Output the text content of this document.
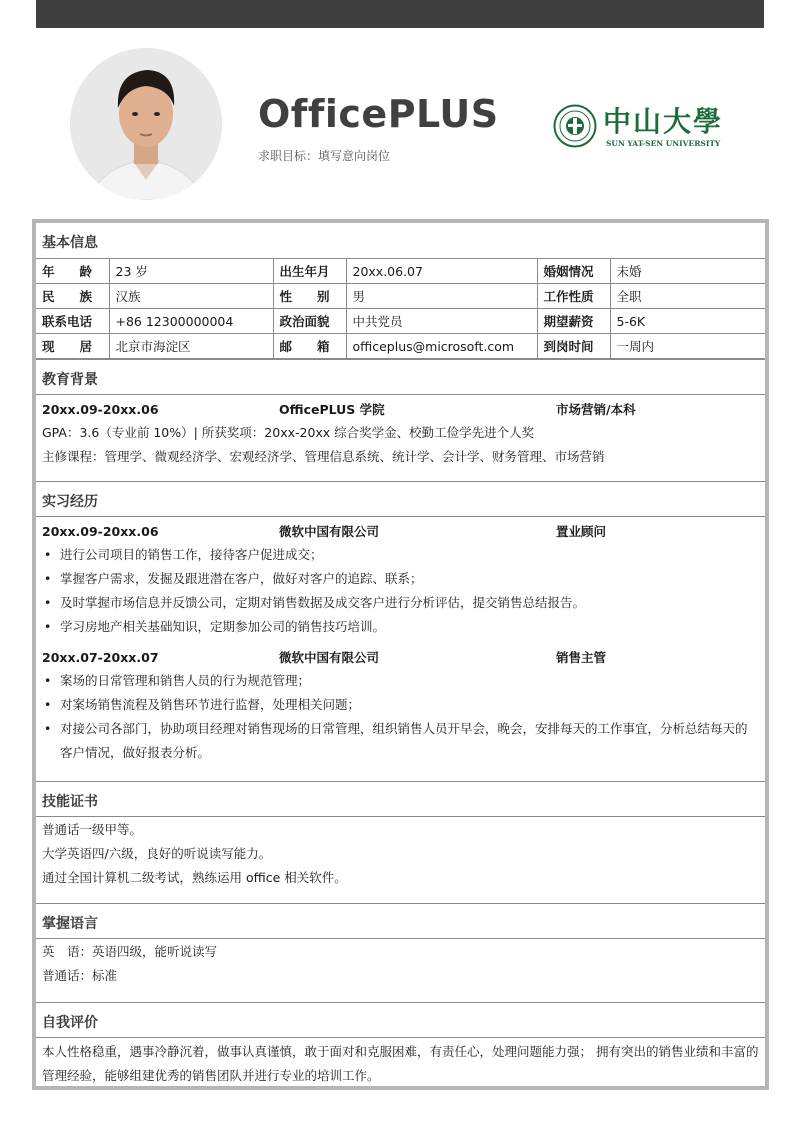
OfficePLUS
求职目标：填写意向岗位
中山大學
SUN YAT-SEN UNIVERSITY
基本信息
年　　龄	23 岁	出生年月	20xx.06.07	婚姻情况	未婚
民　　族	汉族	性　　别	男	工作性质	全职
联系电话	+86 12300000004	政治面貌	中共党员	期望薪资	5-6K
现　　居	北京市海淀区	邮　　箱	officeplus@microsoft.com	到岗时间	一周内
教育背景
20xx.09-20xx.06	OfficePLUS 学院	市场营销/本科
GPA：3.6（专业前 10%）| 所获奖项：20xx-20xx 综合奖学金、校勤工俭学先进个人奖
主修课程：管理学、微观经济学、宏观经济学、管理信息系统、统计学、会计学、财务管理、市场营销
实习经历
20xx.09-20xx.06	微软中国有限公司	置业顾问
• 进行公司项目的销售工作，接待客户促进成交；
• 掌握客户需求，发掘及跟进潜在客户，做好对客户的追踪、联系；
• 及时掌握市场信息并反馈公司，定期对销售数据及成交客户进行分析评估，提交销售总结报告。
• 学习房地产相关基础知识，定期参加公司的销售技巧培训。
20xx.07-20xx.07	微软中国有限公司	销售主管
• 案场的日常管理和销售人员的行为规范管理；
• 对案场销售流程及销售环节进行监督，处理相关问题；
• 对接公司各部门，协助项目经理对销售现场的日常管理，组织销售人员开早会，晚会，安排每天的工作事宜，分析总结每天的客户情况，做好报表分析。
技能证书
普通话一级甲等。
大学英语四/六级，良好的听说读写能力。
通过全国计算机二级考试，熟练运用 office 相关软件。
掌握语言
英　语：英语四级，能听说读写
普通话：标准
自我评价
本人性格稳重，遇事冷静沉着，做事认真谨慎，敢于面对和克服困难，有责任心，处理问题能力强； 拥有突出的销售业绩和丰富的管理经验，能够组建优秀的销售团队并进行专业的培训工作。
